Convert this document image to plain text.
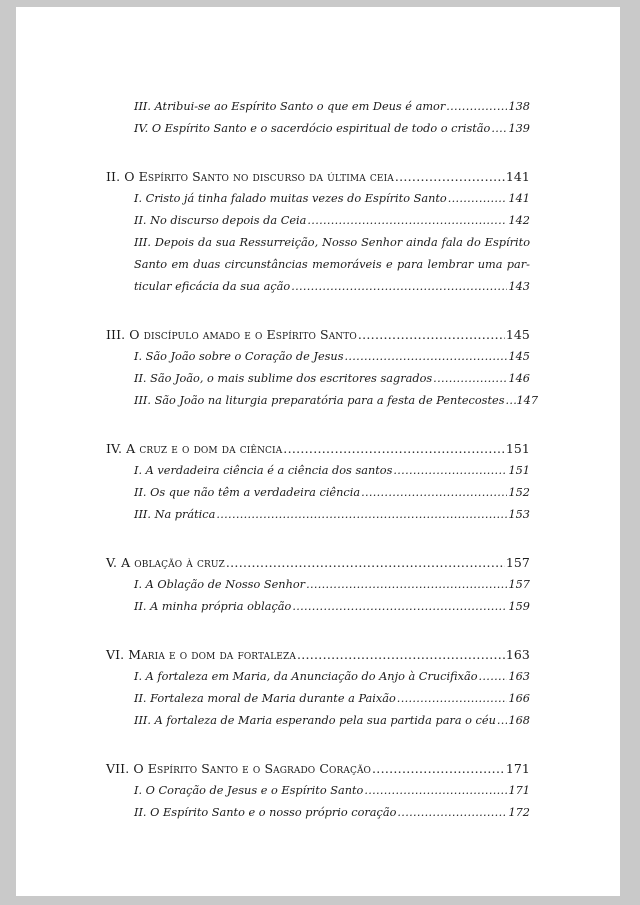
III. Atribui-se ao Espírito Santo o que em Deus é amor .....	138
IV. O Espírito Santo e o sacerdócio espiritual de todo o cristão ..... 139
II. O Espírito Santo no discurso da última ceia .....	141
I. Cristo já tinha falado muitas vezes do Espírito Santo .....	141
II. No discurso depois da Ceia .....	142
III. Depois da sua Ressurreição, Nosso Senhor ainda fala do Espírito
Santo em duas circunstâncias memoráveis e para lembrar uma par-
ticular eficácia da sua ação .....	143
III. O discípulo amado e o Espírito Santo .....	145
I. São João sobre o Coração de Jesus .....	145
II. São João, o mais sublime dos escritores sagrados .....	146
III. São João na liturgia preparatória para a festa de Pentecostes ..... 147
IV. A cruz e o dom da ciência .....	151
I. A verdadeira ciência é a ciência dos santos .....	151
II. Os que não têm a verdadeira ciência .....	152
III. Na prática .....	153
V. A oblação à cruz .....	157
I. A Oblação de Nosso Senhor .....	157
II. A minha própria oblação .....	159
VI. Maria e o dom da fortaleza .....	163
I. A fortaleza em Maria, da Anunciação do Anjo à Crucifixão .....	163
II. Fortaleza moral de Maria durante a Paixão .....	166
III. A fortaleza de Maria esperando pela sua partida para o céu ..... 168
VII. O Espírito Santo e o Sagrado Coração .....	171
I. O Coração de Jesus e o Espírito Santo .....	171
II. O Espírito Santo e o nosso próprio coração .....	172
